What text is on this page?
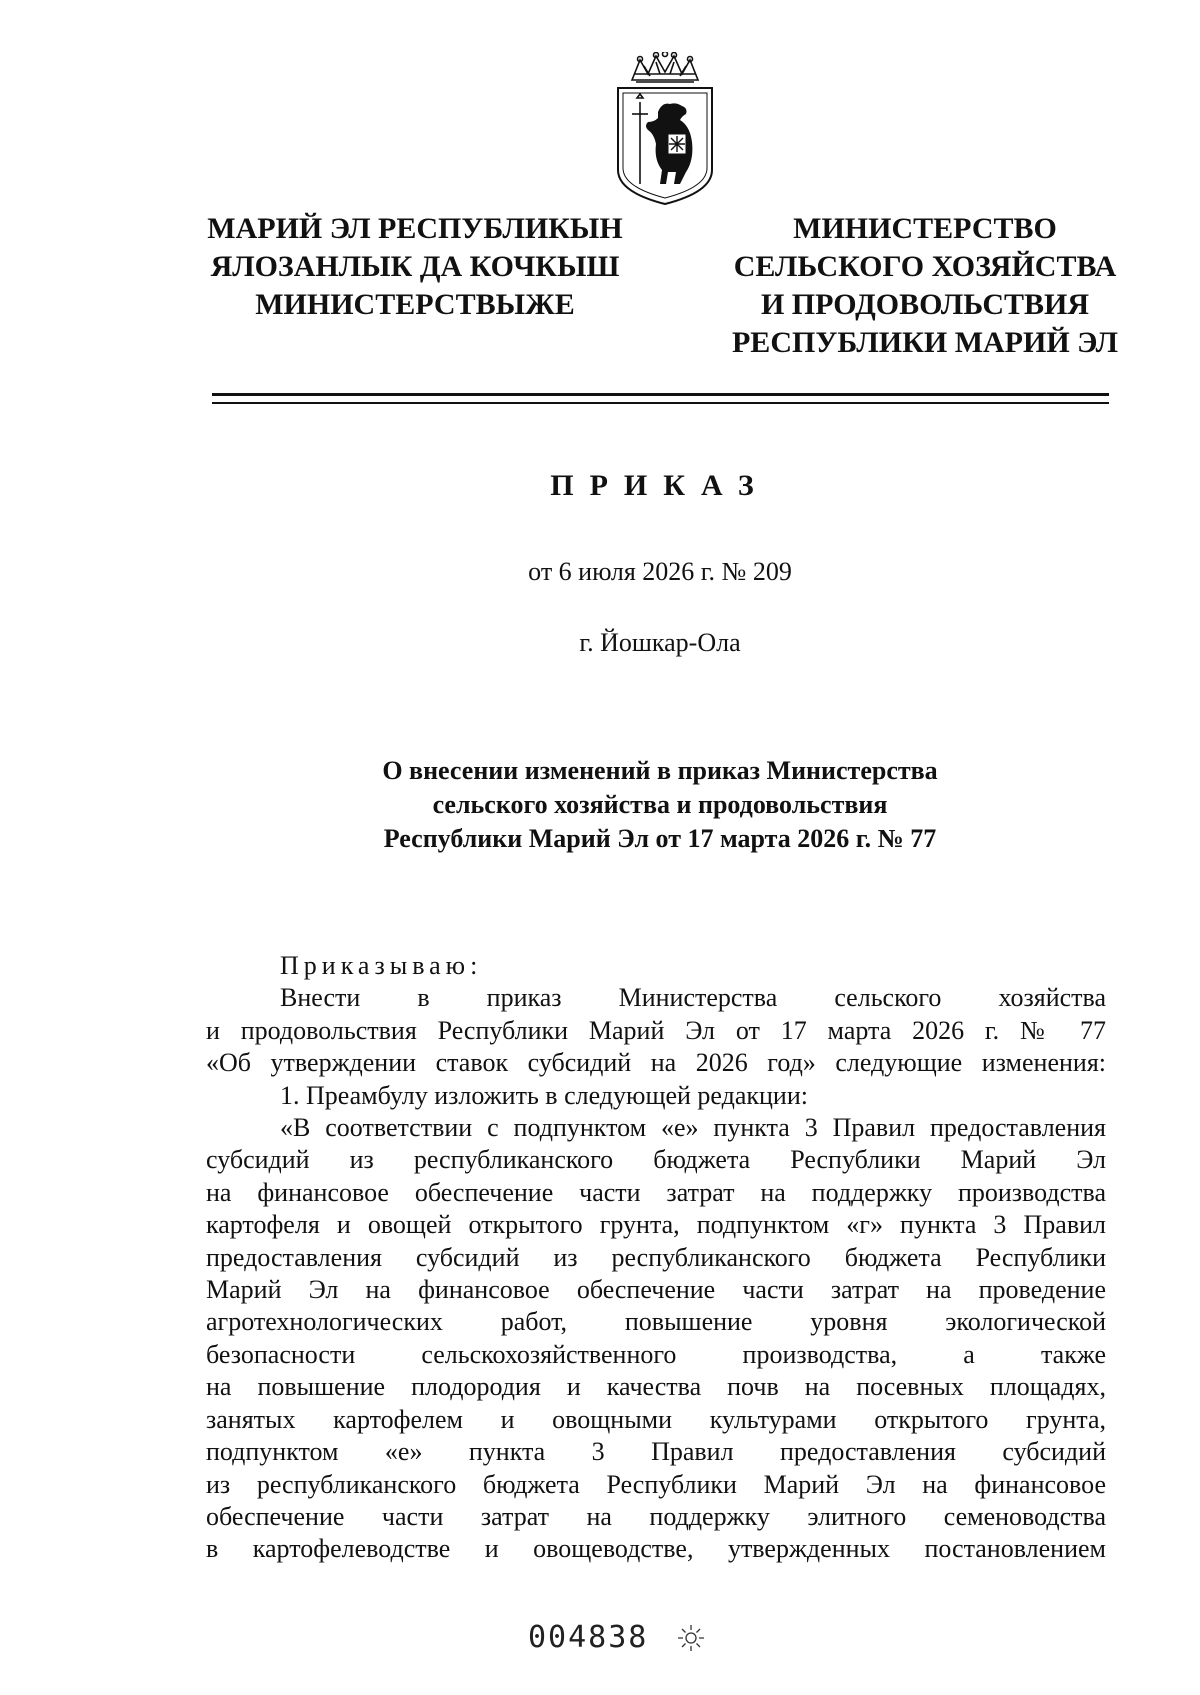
МАРИЙ ЭЛ РЕСПУБЛИКЫН
ЯЛОЗАНЛЫК ДА КОЧКЫШ
МИНИСТЕРСТВЫЖЕ
МИНИСТЕРСТВО
СЕЛЬСКОГО ХОЗЯЙСТВА
И ПРОДОВОЛЬСТВИЯ
РЕСПУБЛИКИ МАРИЙ ЭЛ
ПРИКАЗ
от 6 июля 2026 г. № 209
г. Йошкар-Ола
О внесении изменений в приказ Министерства
сельского хозяйства и продовольствия
Республики Марий Эл от 17 марта 2026 г. № 77

Приказываю:

Внести в приказ Министерства сельского хозяйства

и продовольствия Республики Марий Эл от 17 марта 2026 г. № 77

«Об утверждении ставок субсидий на 2026 год» следующие изменения:

1. Преамбулу изложить в следующей редакции:

«В соответствии с подпунктом «е» пункта 3 Правил предоставления

субсидий из республиканского бюджета Республики Марий Эл

на финансовое обеспечение части затрат на поддержку производства

картофеля и овощей открытого грунта, подпунктом «г» пункта 3 Правил

предоставления субсидий из республиканского бюджета Республики

Марий Эл на финансовое обеспечение части затрат на проведение

агротехнологических работ, повышение уровня экологической

безопасности сельскохозяйственного производства, а также

на повышение плодородия и качества почв на посевных площадях,

занятых картофелем и овощными культурами открытого грунта,

подпунктом «е» пункта 3 Правил предоставления субсидий

из республиканского бюджета Республики Марий Эл на финансовое

обеспечение части затрат на поддержку элитного семеноводства

в картофелеводстве и овощеводстве, утвержденных постановлением

004838
